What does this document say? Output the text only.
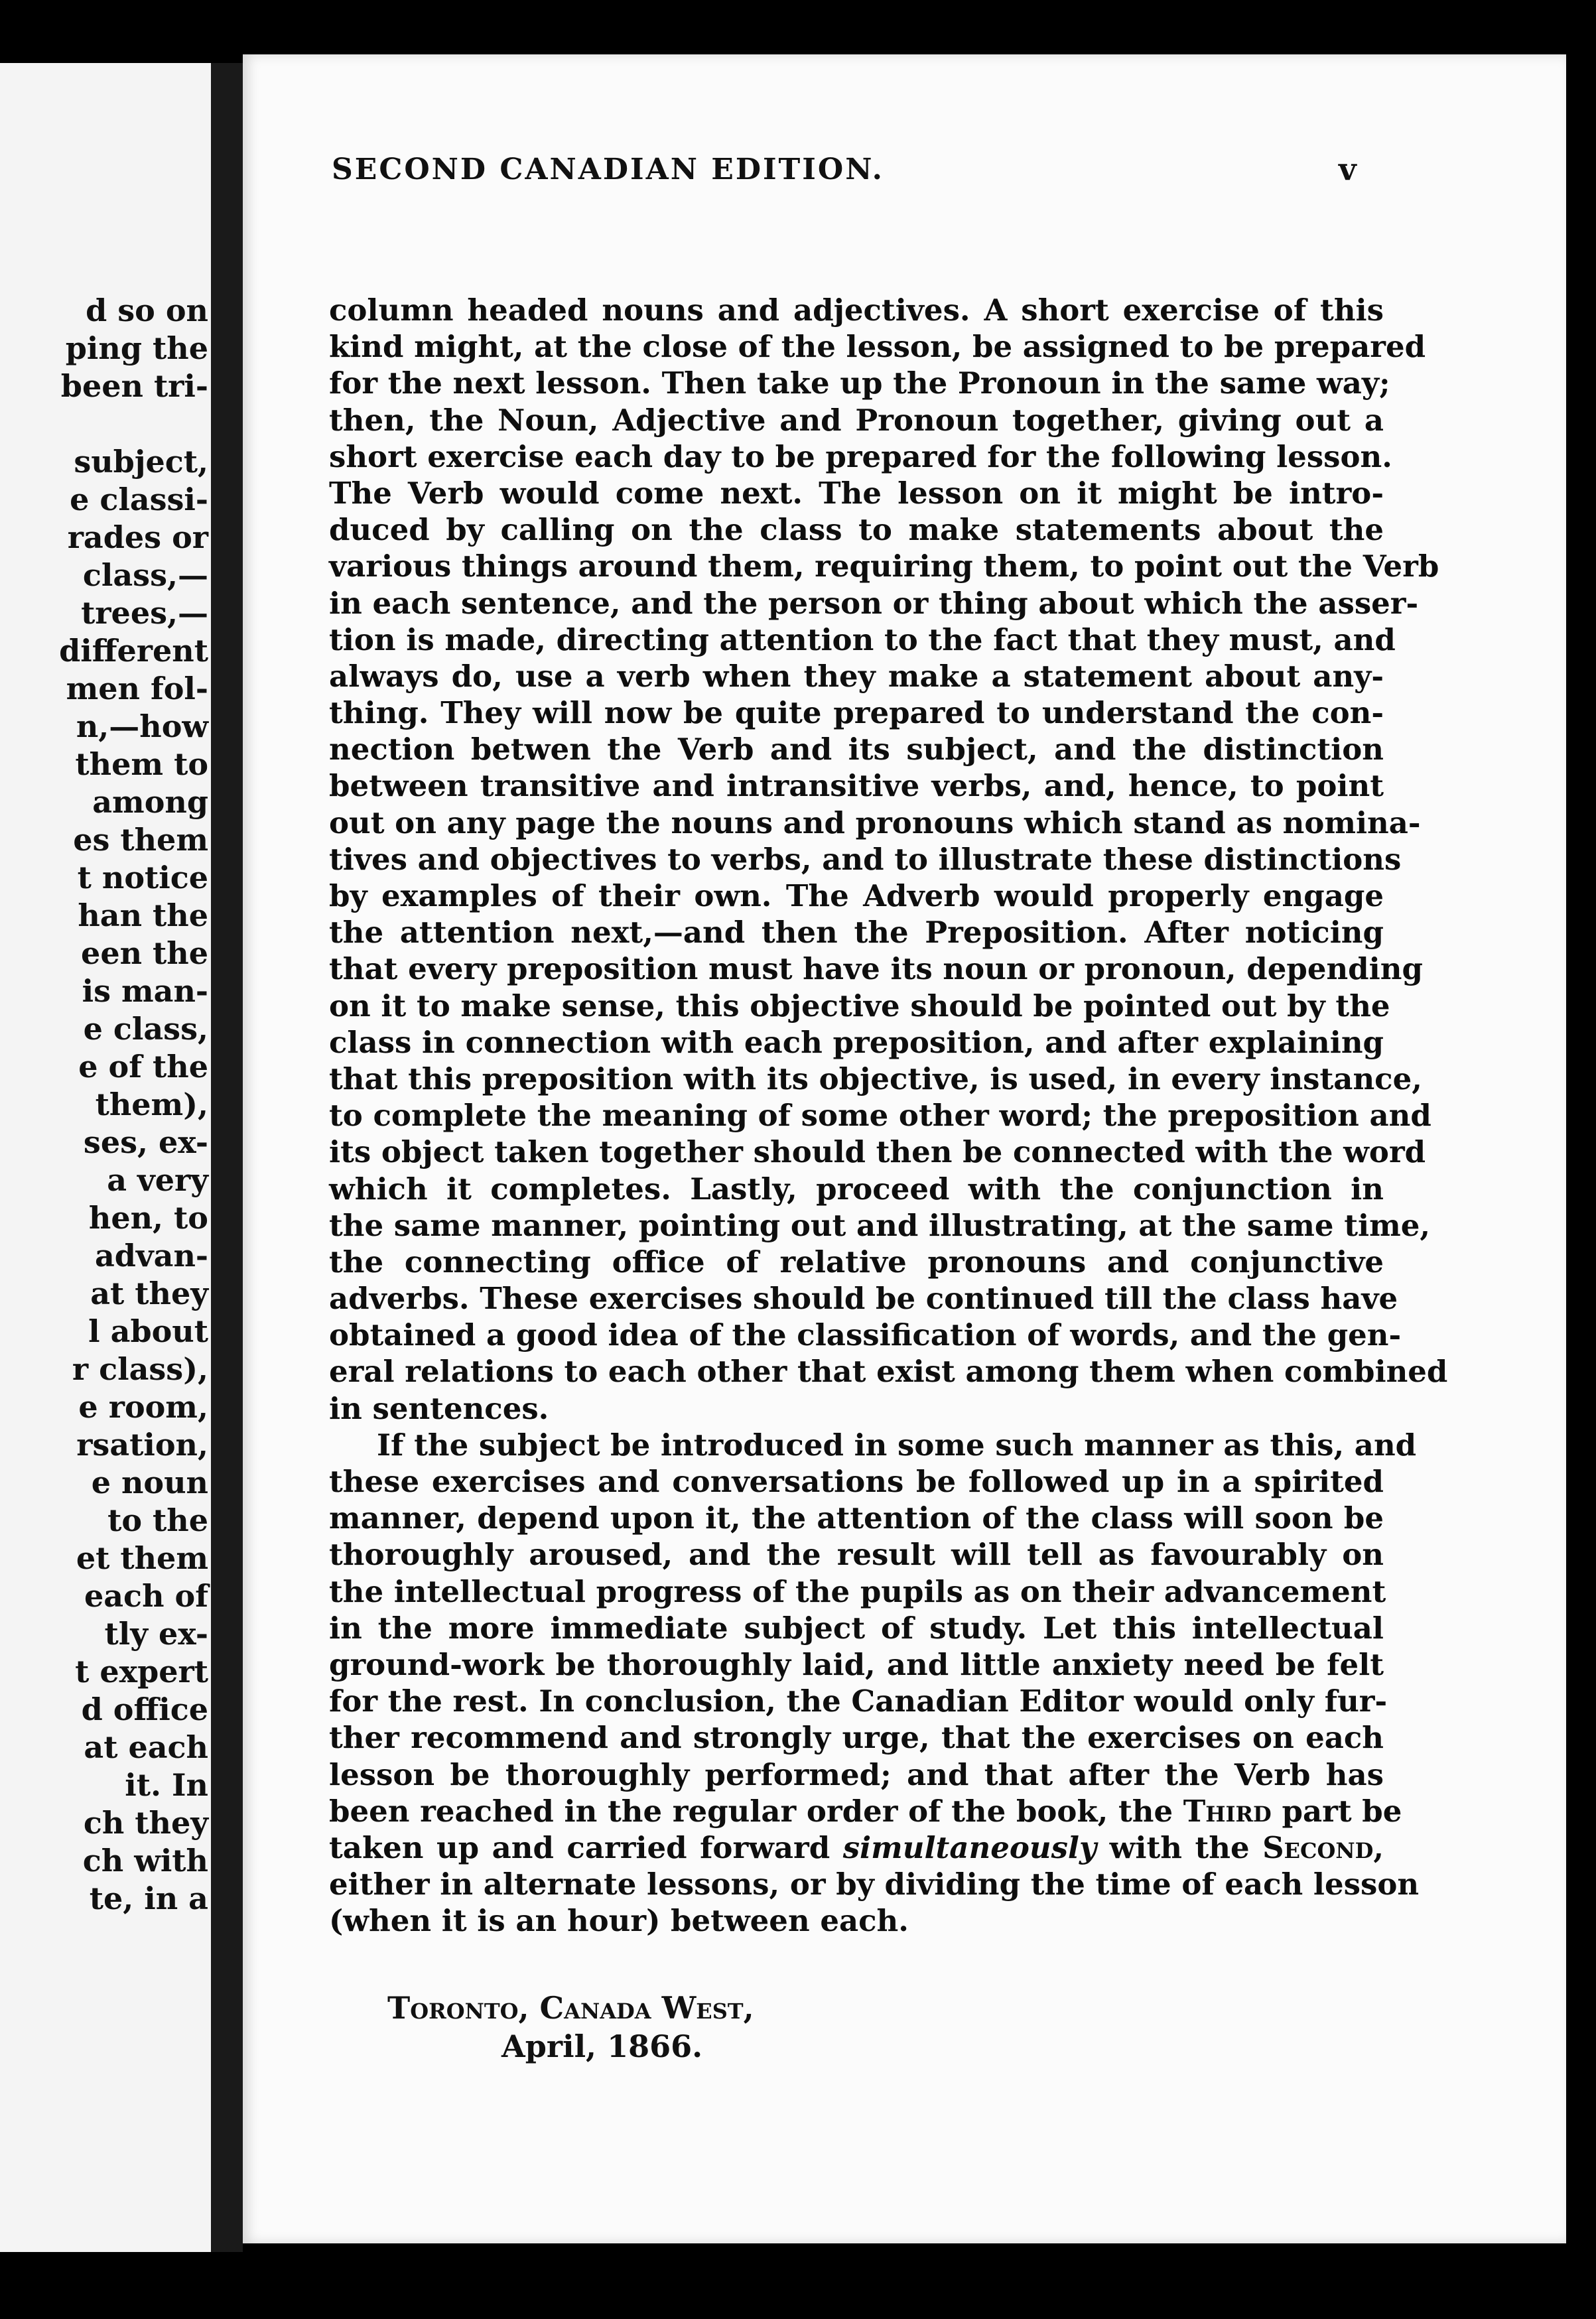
d so on
ping the
been tri-
subject,
e classi-
rades or
class,—
trees,—
different
men fol-
n,—how
them to
among
es them
t notice
han the
een the
is man-
e class,
e of the
them),
ses, ex-
a very
hen, to
advan-
at they
l about
r class),
e room,
rsation,
e noun
to the
et them
each of
tly ex-
t expert
d office
at each
it. In
ch they
ch with
te, in a
SECOND CANADIAN EDITION.	v
column headed nouns and adjectives. A short exercise of this
kind might, at the close of the lesson, be assigned to be prepared
for the next lesson. Then take up the Pronoun in the same way;
then, the Noun, Adjective and Pronoun together, giving out a
short exercise each day to be prepared for the following lesson.
The Verb would come next. The lesson on it might be intro-
duced by calling on the class to make statements about the
various things around them, requiring them, to point out the Verb
in each sentence, and the person or thing about which the asser-
tion is made, directing attention to the fact that they must, and
always do, use a verb when they make a statement about any-
thing. They will now be quite prepared to understand the con-
nection betwen the Verb and its subject, and the distinction
between transitive and intransitive verbs, and, hence, to point
out on any page the nouns and pronouns which stand as nomina-
tives and objectives to verbs, and to illustrate these distinctions
by examples of their own. The Adverb would properly engage
the attention next,—and then the Preposition. After noticing
that every preposition must have its noun or pronoun, depending
on it to make sense, this objective should be pointed out by the
class in connection with each preposition, and after explaining
that this preposition with its objective, is used, in every instance,
to complete the meaning of some other word; the preposition and
its object taken together should then be connected with the word
which it completes. Lastly, proceed with the conjunction in
the same manner, pointing out and illustrating, at the same time,
the connecting office of relative pronouns and conjunctive
adverbs. These exercises should be continued till the class have
obtained a good idea of the classification of words, and the gen-
eral relations to each other that exist among them when combined
in sentences.
If the subject be introduced in some such manner as this, and
these exercises and conversations be followed up in a spirited
manner, depend upon it, the attention of the class will soon be
thoroughly aroused, and the result will tell as favourably on
the intellectual progress of the pupils as on their advancement
in the more immediate subject of study. Let this intellectual
ground-work be thoroughly laid, and little anxiety need be felt
for the rest. In conclusion, the Canadian Editor would only fur-
ther recommend and strongly urge, that the exercises on each
lesson be thoroughly performed; and that after the Verb has
been reached in the regular order of the book, the Third part be
taken up and carried forward simultaneously with the Second,
either in alternate lessons, or by dividing the time of each lesson
(when it is an hour) between each.
Toronto, Canada West,
April, 1866.
